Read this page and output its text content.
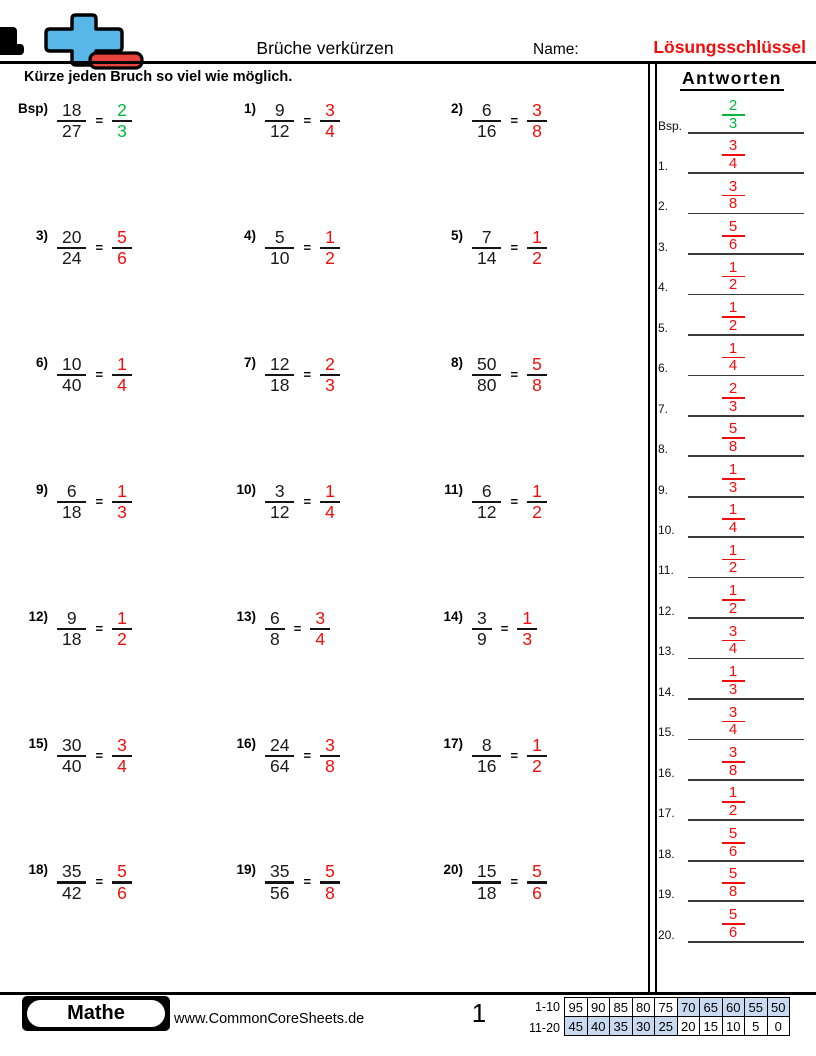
Brüche verkürzen	Name:	Lösungsschlüssel
Kürze jeden Bruch so viel wie möglich.
$Bsp) \frac{18}{27} = \frac{2}{3}$	$1) \frac{9}{12} = \frac{3}{4}$	$2) \frac{6}{16} = \frac{3}{8}$
$3) \frac{20}{24} = \frac{5}{6}$	$4) \frac{5}{10} = \frac{1}{2}$	$5) \frac{7}{14} = \frac{1}{2}$
$6) \frac{10}{40} = \frac{1}{4}$	$7) \frac{12}{18} = \frac{2}{3}$	$8) \frac{50}{80} = \frac{5}{8}$
$9) \frac{6}{18} = \frac{1}{3}$	$10) \frac{3}{12} = \frac{1}{4}$	$11) \frac{6}{12} = \frac{1}{2}$
$12) \frac{9}{18} = \frac{1}{2}$	$13) \frac{6}{8} = \frac{3}{4}$	$14) \frac{3}{9} = \frac{1}{3}$
$15) \frac{30}{40} = \frac{3}{4}$	$16) \frac{24}{64} = \frac{3}{8}$	$17) \frac{8}{16} = \frac{1}{2}$
$18) \frac{35}{42} = \frac{5}{6}$	$19) \frac{35}{56} = \frac{5}{8}$	$20) \frac{15}{18} = \frac{5}{6}$
Antworten
2
3
Bsp.
3
4
1.
3
8
2.
5
6
3.
1
2
4.
1
2
5.
1
4
6.
2
3
7.
5
8
8.
1
3
9.
1
4
10.
1
2
11.
1
2
12.
3
4
13.
1
3
14.
3
4
15.
3
8
16.
1
2
17.
5
6
18.
5
8
19.
5
6
20.
Mathe	www.CommonCoreSheets.de	1	1-10
11-20
95	90	85	80	75	70	65	60	55	50
45	40	35	30	25	20	15	10	5	0
